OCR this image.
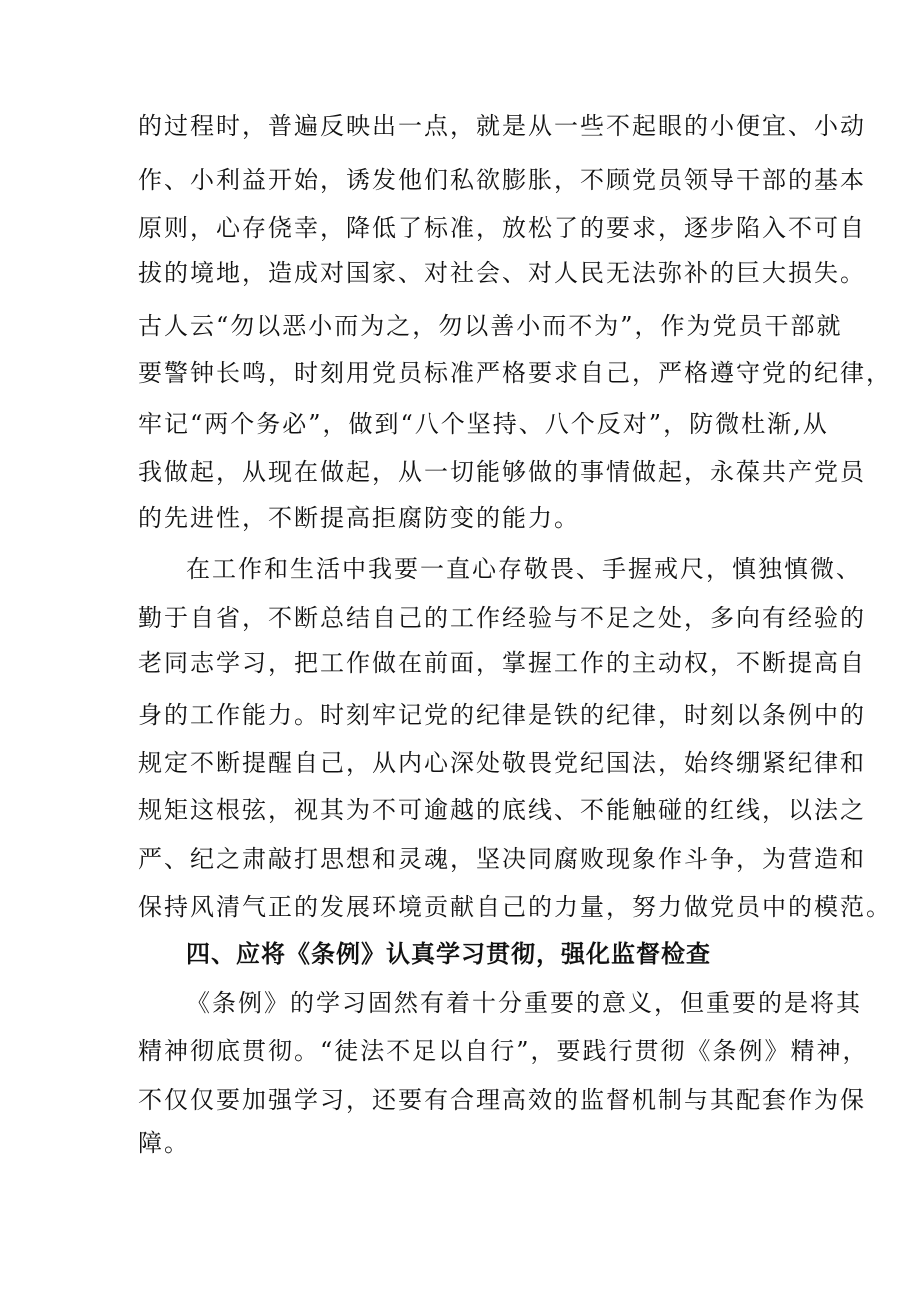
的过程时，普遍反映出一点，就是从一些不起眼的小便宜、小动
作、小利益开始，诱发他们私欲膨胀，不顾党员领导干部的基本
原则，心存侥幸，降低了标准，放松了的要求，逐步陷入不可自
拔的境地，造成对国家、对社会、对人民无法弥补的巨大损失。
古人云“勿以恶小而为之，勿以善小而不为”，作为党员干部就
要警钟长鸣，时刻用党员标准严格要求自己，严格遵守党的纪律，
牢记“两个务必”，做到“八个坚持、八个反对”，防微杜渐,从
我做起，从现在做起，从一切能够做的事情做起，永葆共产党员
的先进性，不断提高拒腐防变的能力。
在工作和生活中我要一直心存敬畏、手握戒尺，慎独慎微、
勤于自省，不断总结自己的工作经验与不足之处，多向有经验的
老同志学习，把工作做在前面，掌握工作的主动权，不断提高自
身的工作能力。时刻牢记党的纪律是铁的纪律，时刻以条例中的
规定不断提醒自己，从内心深处敬畏党纪国法，始终绷紧纪律和
规矩这根弦，视其为不可逾越的底线、不能触碰的红线，以法之
严、纪之肃敲打思想和灵魂，坚决同腐败现象作斗争，为营造和
保持风清气正的发展环境贡献自己的力量，努力做党员中的模范。
四、应将《条例》认真学习贯彻，强化监督检查
《条例》的学习固然有着十分重要的意义，但重要的是将其
精神彻底贯彻。“徒法不足以自行”，要践行贯彻《条例》精神，
不仅仅要加强学习，还要有合理高效的监督机制与其配套作为保
障。
